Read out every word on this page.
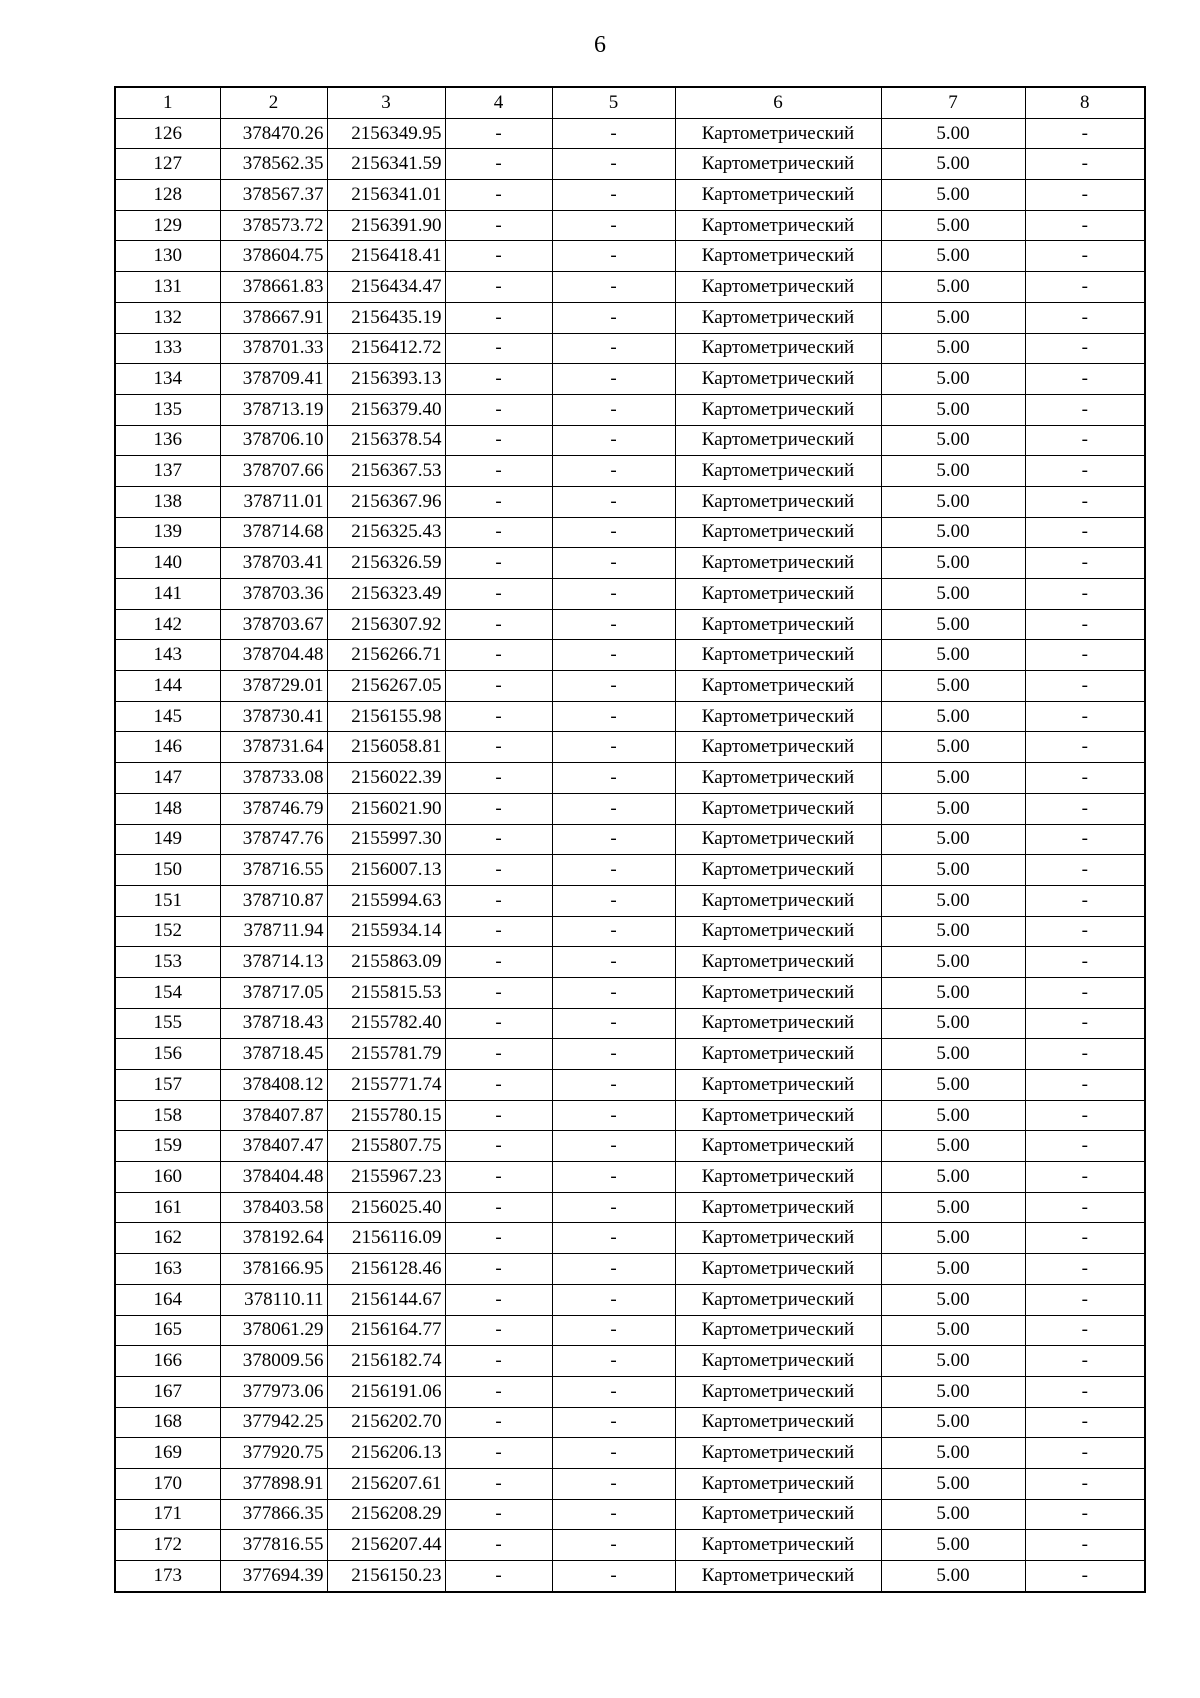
6
1	2	3	4	5	6	7	8
126	378470.26	2156349.95	-	-	Картометрический	5.00	-
127	378562.35	2156341.59	-	-	Картометрический	5.00	-
128	378567.37	2156341.01	-	-	Картометрический	5.00	-
129	378573.72	2156391.90	-	-	Картометрический	5.00	-
130	378604.75	2156418.41	-	-	Картометрический	5.00	-
131	378661.83	2156434.47	-	-	Картометрический	5.00	-
132	378667.91	2156435.19	-	-	Картометрический	5.00	-
133	378701.33	2156412.72	-	-	Картометрический	5.00	-
134	378709.41	2156393.13	-	-	Картометрический	5.00	-
135	378713.19	2156379.40	-	-	Картометрический	5.00	-
136	378706.10	2156378.54	-	-	Картометрический	5.00	-
137	378707.66	2156367.53	-	-	Картометрический	5.00	-
138	378711.01	2156367.96	-	-	Картометрический	5.00	-
139	378714.68	2156325.43	-	-	Картометрический	5.00	-
140	378703.41	2156326.59	-	-	Картометрический	5.00	-
141	378703.36	2156323.49	-	-	Картометрический	5.00	-
142	378703.67	2156307.92	-	-	Картометрический	5.00	-
143	378704.48	2156266.71	-	-	Картометрический	5.00	-
144	378729.01	2156267.05	-	-	Картометрический	5.00	-
145	378730.41	2156155.98	-	-	Картометрический	5.00	-
146	378731.64	2156058.81	-	-	Картометрический	5.00	-
147	378733.08	2156022.39	-	-	Картометрический	5.00	-
148	378746.79	2156021.90	-	-	Картометрический	5.00	-
149	378747.76	2155997.30	-	-	Картометрический	5.00	-
150	378716.55	2156007.13	-	-	Картометрический	5.00	-
151	378710.87	2155994.63	-	-	Картометрический	5.00	-
152	378711.94	2155934.14	-	-	Картометрический	5.00	-
153	378714.13	2155863.09	-	-	Картометрический	5.00	-
154	378717.05	2155815.53	-	-	Картометрический	5.00	-
155	378718.43	2155782.40	-	-	Картометрический	5.00	-
156	378718.45	2155781.79	-	-	Картометрический	5.00	-
157	378408.12	2155771.74	-	-	Картометрический	5.00	-
158	378407.87	2155780.15	-	-	Картометрический	5.00	-
159	378407.47	2155807.75	-	-	Картометрический	5.00	-
160	378404.48	2155967.23	-	-	Картометрический	5.00	-
161	378403.58	2156025.40	-	-	Картометрический	5.00	-
162	378192.64	2156116.09	-	-	Картометрический	5.00	-
163	378166.95	2156128.46	-	-	Картометрический	5.00	-
164	378110.11	2156144.67	-	-	Картометрический	5.00	-
165	378061.29	2156164.77	-	-	Картометрический	5.00	-
166	378009.56	2156182.74	-	-	Картометрический	5.00	-
167	377973.06	2156191.06	-	-	Картометрический	5.00	-
168	377942.25	2156202.70	-	-	Картометрический	5.00	-
169	377920.75	2156206.13	-	-	Картометрический	5.00	-
170	377898.91	2156207.61	-	-	Картометрический	5.00	-
171	377866.35	2156208.29	-	-	Картометрический	5.00	-
172	377816.55	2156207.44	-	-	Картометрический	5.00	-
173	377694.39	2156150.23	-	-	Картометрический	5.00	-
